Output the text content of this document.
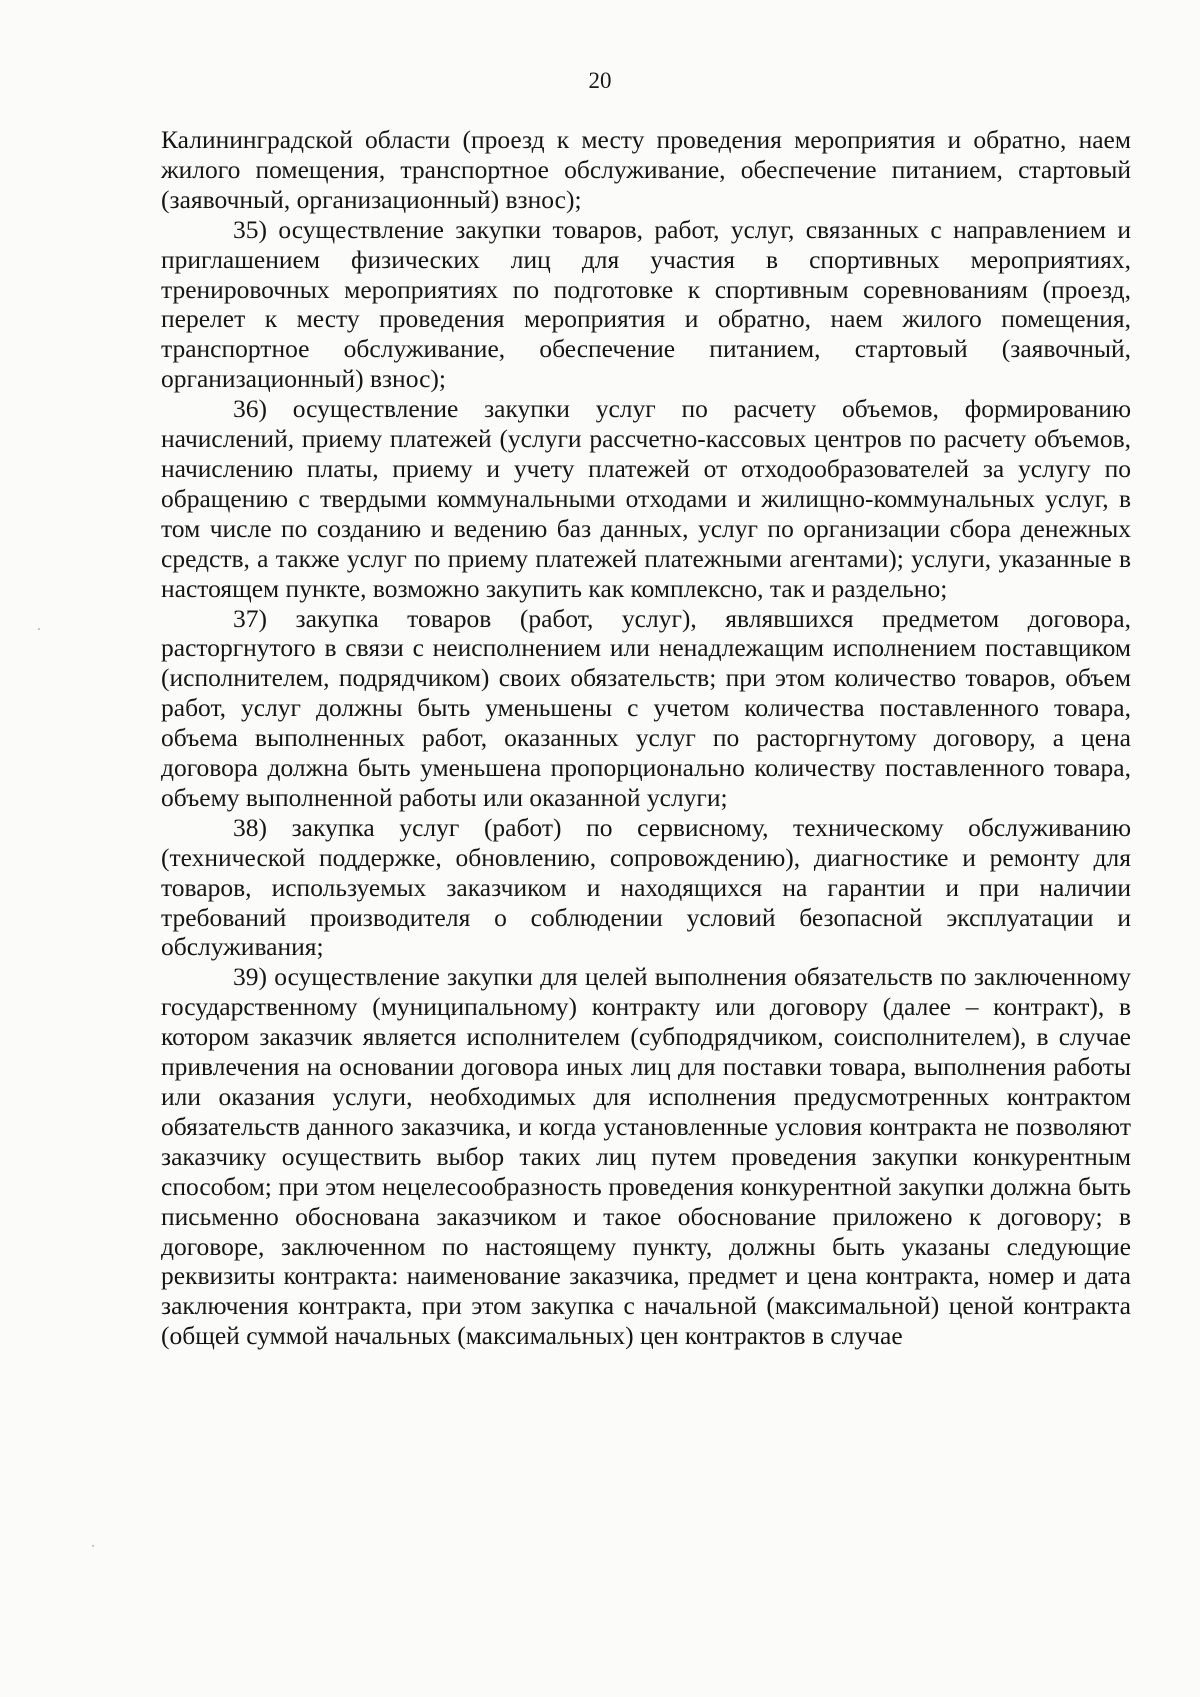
20

Калининградской области (проезд к месту проведения мероприятия и обратно, наем жилого помещения, транспортное обслуживание, обеспечение питанием, стартовый (заявочный, организационный) взнос);

35) осуществление закупки товаров, работ, услуг, связанных с направлением и приглашением физических лиц для участия в спортивных мероприятиях, тренировочных мероприятиях по подготовке к спортивным соревнованиям (проезд, перелет к месту проведения мероприятия и обратно, наем жилого помещения, транспортное обслуживание, обеспечение питанием, стартовый (заявочный, организационный) взнос);

36) осуществление закупки услуг по расчету объемов, формированию начислений, приему платежей (услуги рассчетно-кассовых центров по расчету объемов, начислению платы, приему и учету платежей от отходообразователей за услугу по обращению с твердыми коммунальными отходами и жилищно-коммунальных услуг, в том числе по созданию и ведению баз данных, услуг по организации сбора денежных средств, а также услуг по приему платежей платежными агентами); услуги, указанные в настоящем пункте, возможно закупить как комплексно, так и раздельно;

37) закупка товаров (работ, услуг), являвшихся предметом договора, расторгнутого в связи с неисполнением или ненадлежащим исполнением поставщиком (исполнителем, подрядчиком) своих обязательств; при этом количество товаров, объем работ, услуг должны быть уменьшены с учетом количества поставленного товара, объема выполненных работ, оказанных услуг по расторгнутому договору, а цена договора должна быть уменьшена пропорционально количеству поставленного товара, объему выполненной работы или оказанной услуги;

38) закупка услуг (работ) по сервисному, техническому обслуживанию (технической поддержке, обновлению, сопровождению), диагностике и ремонту для товаров, используемых заказчиком и находящихся на гарантии и при наличии требований производителя о соблюдении условий безопасной эксплуатации и обслуживания;

39) осуществление закупки для целей выполнения обязательств по заключенному государственному (муниципальному) контракту или договору (далее – контракт), в котором заказчик является исполнителем (субподрядчиком, соисполнителем), в случае привлечения на основании договора иных лиц для поставки товара, выполнения работы или оказания услуги, необходимых для исполнения предусмотренных контрактом обязательств данного заказчика, и когда установленные условия контракта не позволяют заказчику осуществить выбор таких лиц путем проведения закупки конкурентным способом; при этом нецелесообразность проведения конкурентной закупки должна быть письменно обоснована заказчиком и такое обоснование приложено к договору; в договоре, заключенном по настоящему пункту, должны быть указаны следующие реквизиты контракта: наименование заказчика, предмет и цена контракта, номер и дата заключения контракта, при этом закупка с начальной (максимальной) ценой контракта (общей суммой начальных (максимальных) цен контрактов в случае
